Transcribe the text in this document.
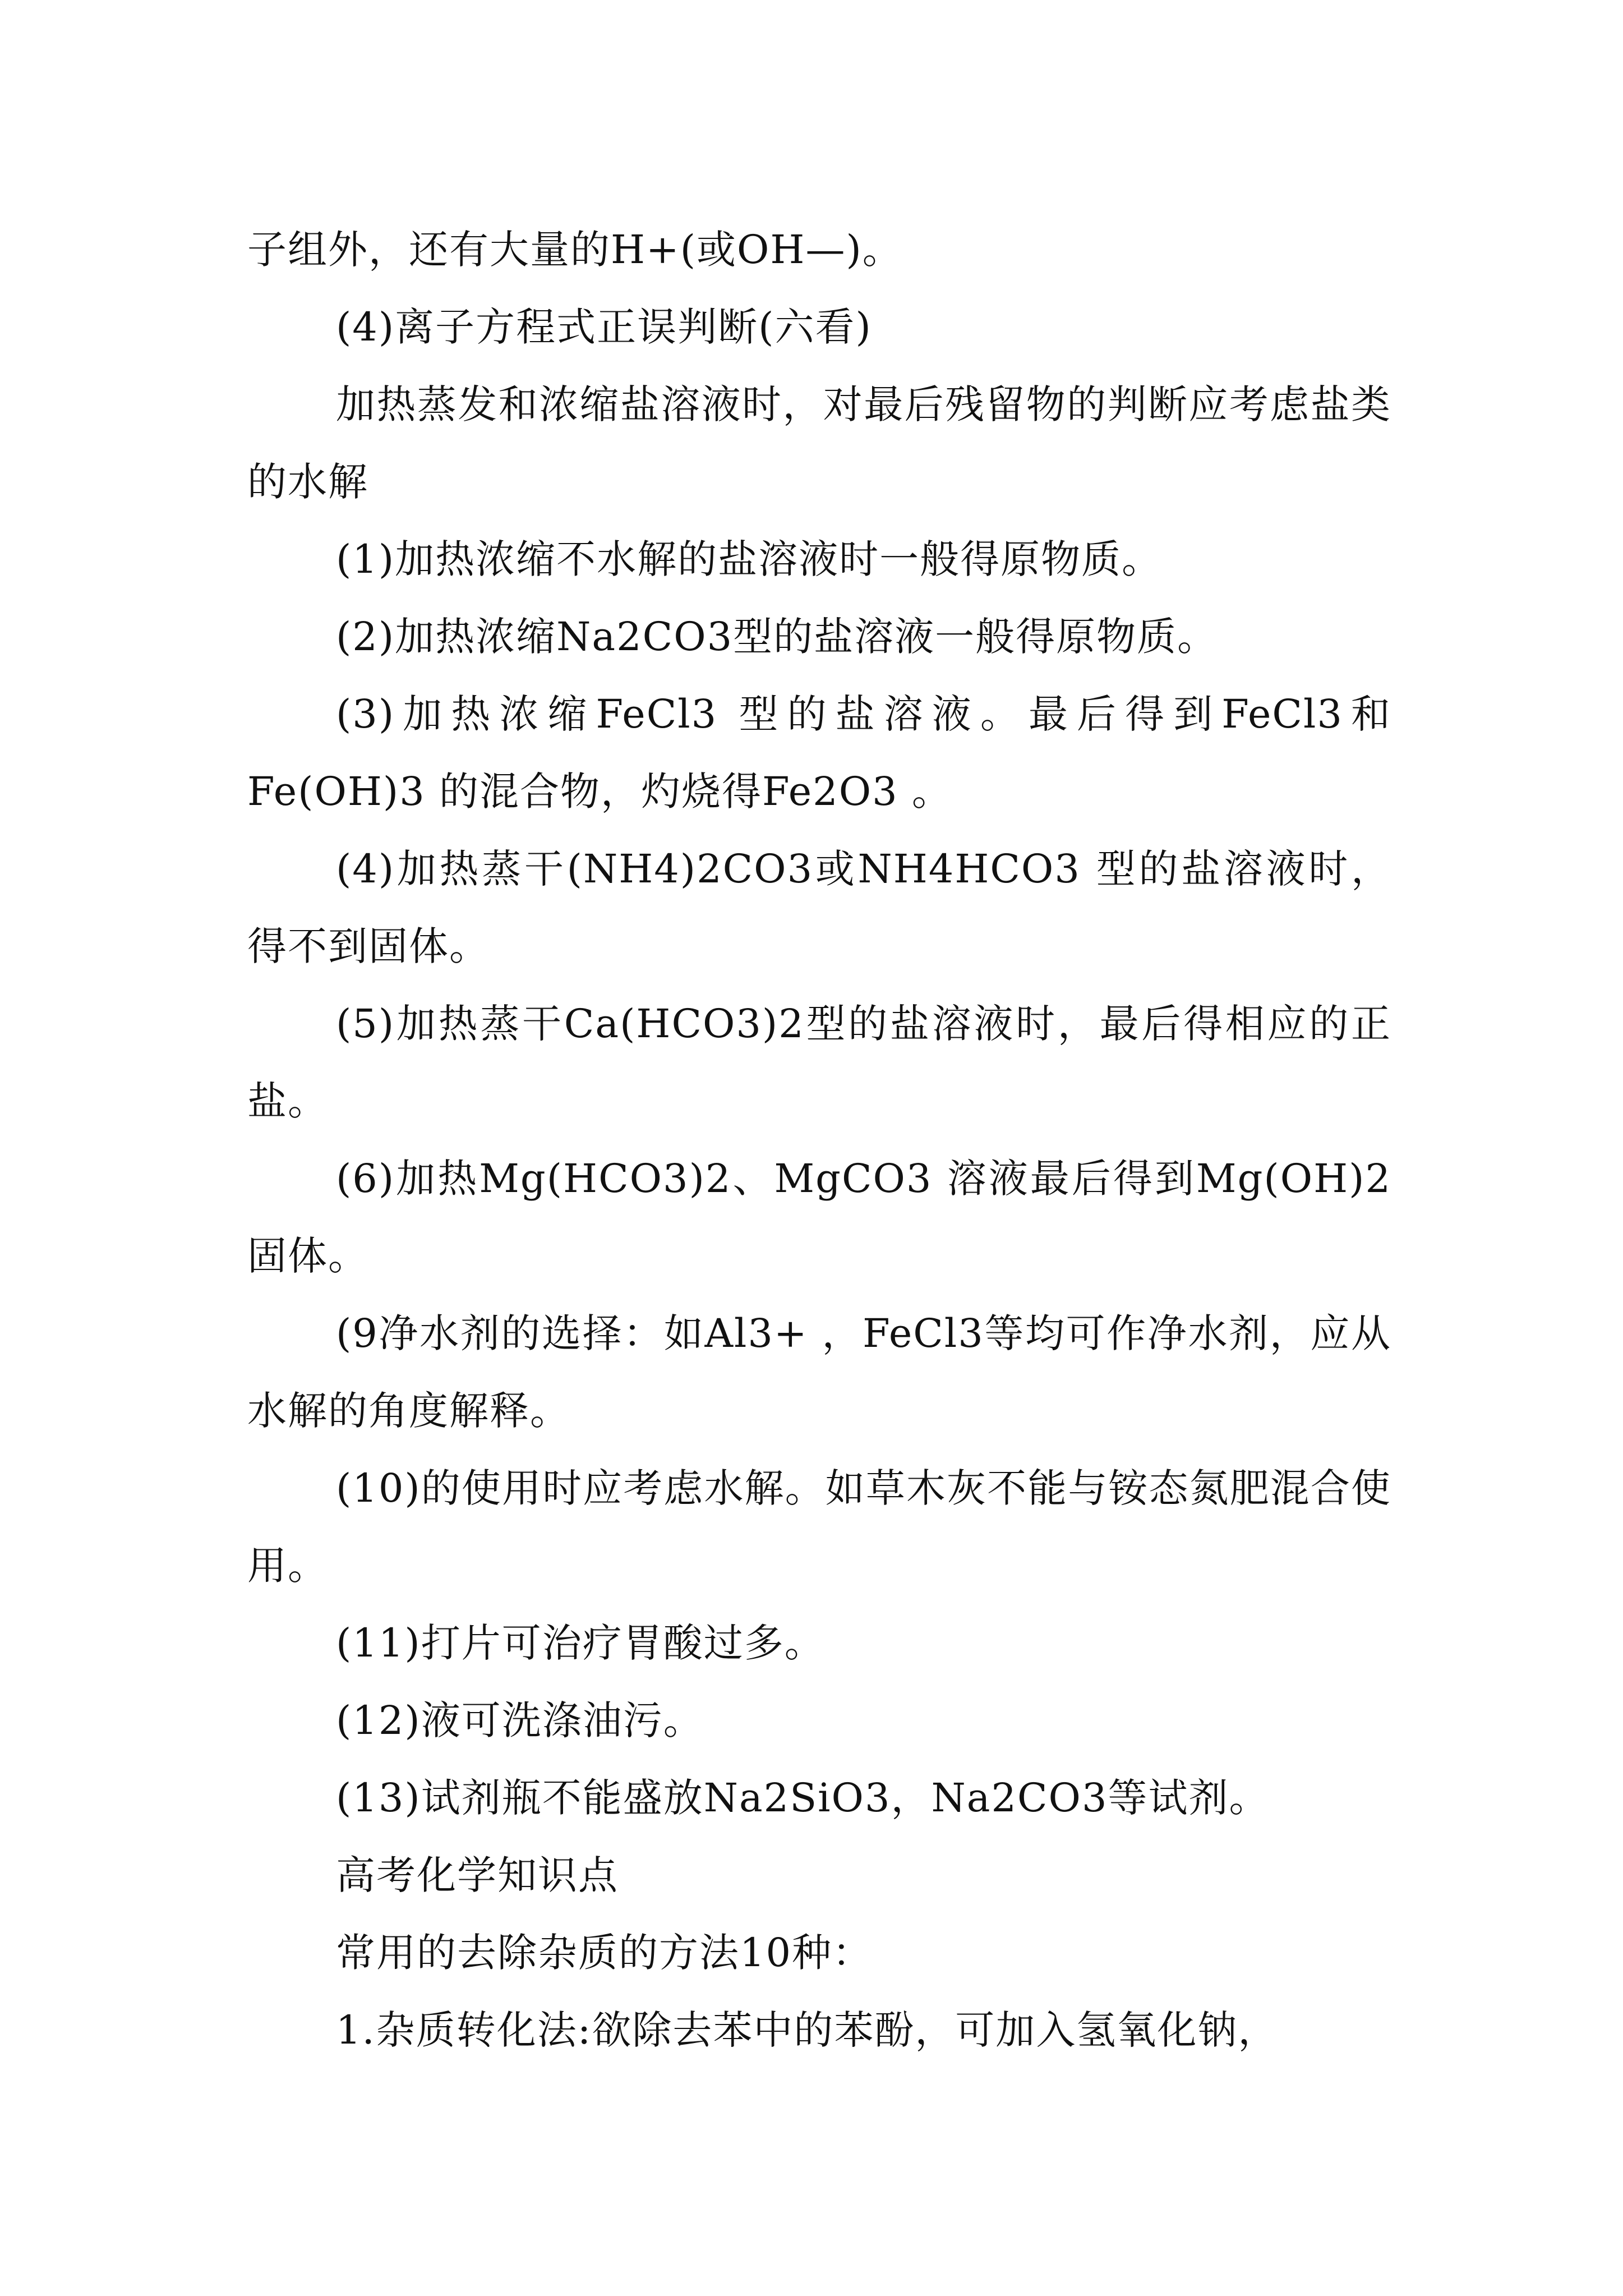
子组外，还有大量的H+(或OH—)。

(4)离子方程式正误判断(六看)

加热蒸发和浓缩盐溶液时，对最后残留物的判断应考虑盐类的水解

(1)加热浓缩不水解的盐溶液时一般得原物质。

(2)加热浓缩Na2CO3型的盐溶液一般得原物质。

(3)加热浓缩FeCl3 型的盐溶液。最后得到FeCl3和Fe(OH)3 的混合物，灼烧得Fe2O3 。

(4)加热蒸干(NH4)2CO3或NH4HCO3 型的盐溶液时，得不到固体。

(5)加热蒸干Ca(HCO3)2型的盐溶液时，最后得相应的正盐。

(6)加热Mg(HCO3)2、MgCO3 溶液最后得到Mg(OH)2 固体。

(9净水剂的选择：如Al3+ ，FeCl3等均可作净水剂，应从水解的角度解释。

(10)的使用时应考虑水解。如草木灰不能与铵态氮肥混合使用。

(11)打片可治疗胃酸过多。

(12)液可洗涤油污。

(13)试剂瓶不能盛放Na2SiO3，Na2CO3等试剂。

高考化学知识点

常用的去除杂质的方法10种：

1.杂质转化法:欲除去苯中的苯酚，可加入氢氧化钠，
